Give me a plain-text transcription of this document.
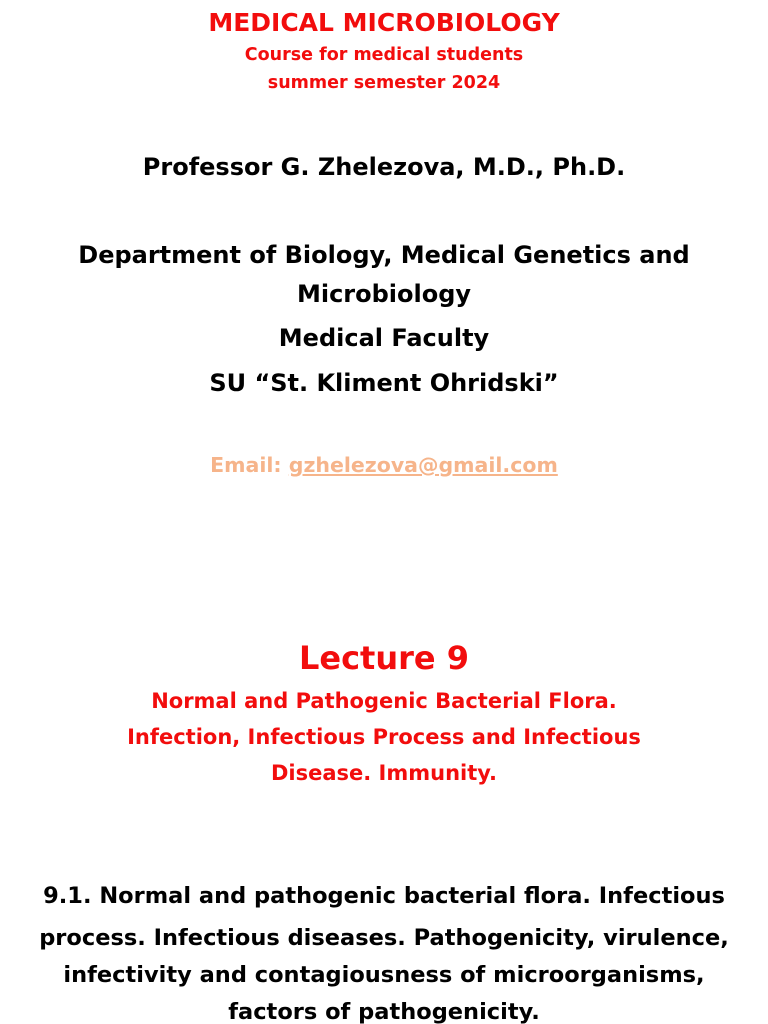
MEDICAL MICROBIOLOGY
Course for medical students
summer semester 2024
Professor G. Zhelezova, M.D., Ph.D.
Department of Biology, Medical Genetics and
Microbiology
Medical Faculty
SU “St. Kliment Ohridski”
Email: gzhelezova@gmail.com
Lecture 9
Normal and Pathogenic Bacterial Flora.
Infection, Infectious Process and Infectious
Disease. Immunity.
9.1. Normal and pathogenic bacterial flora. Infectious
process. Infectious diseases. Pathogenicity, virulence,
infectivity and contagiousness of microorganisms,
factors of pathogenicity.
